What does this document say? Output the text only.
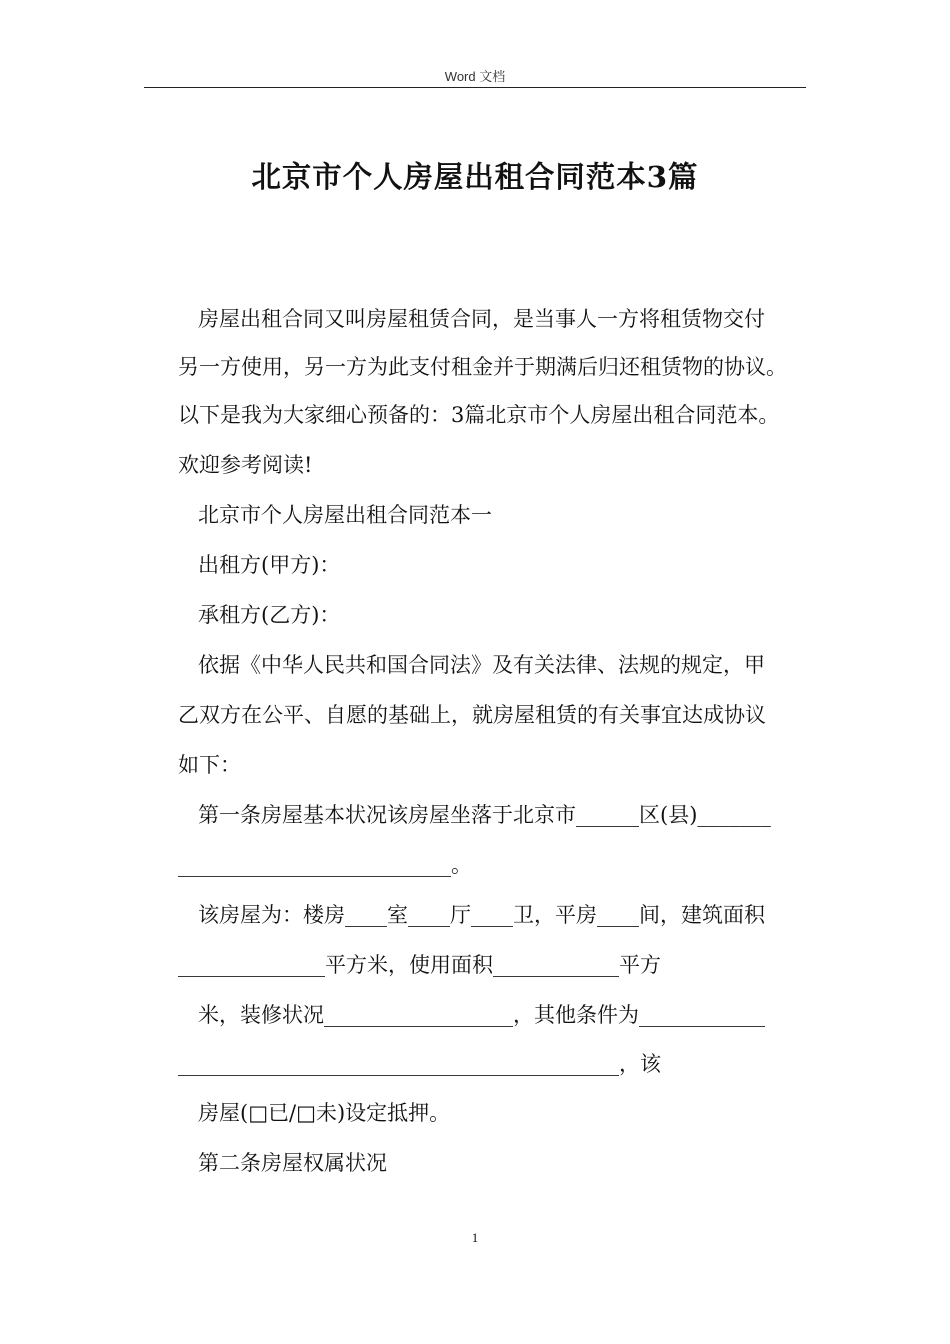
Word 文档
北京市个人房屋出租合同范本3篇
房屋出租合同又叫房屋租赁合同，是当事人一方将租赁物交付
另一方使用，另一方为此支付租金并于期满后归还租赁物的协议。
以下是我为大家细心预备的：3篇北京市个人房屋出租合同范本。
欢迎参考阅读!
北京市个人房屋出租合同范本一
出租方(甲方)：
承租方(乙方)：
依据《中华人民共和国合同法》及有关法律、法规的规定，甲
乙双方在公平、自愿的基础上，就房屋租赁的有关事宜达成协议
如下：
第一条房屋基本状况该房屋坐落于北京市______区(县)_______
__________________________。
该房屋为：楼房____室____厅____卫，平房____间，建筑面积
______________平方米，使用面积____________平方
米，装修状况__________________，其他条件为____________
__________________________________________，该
房屋(□已/□未)设定抵押。
第二条房屋权属状况
1
